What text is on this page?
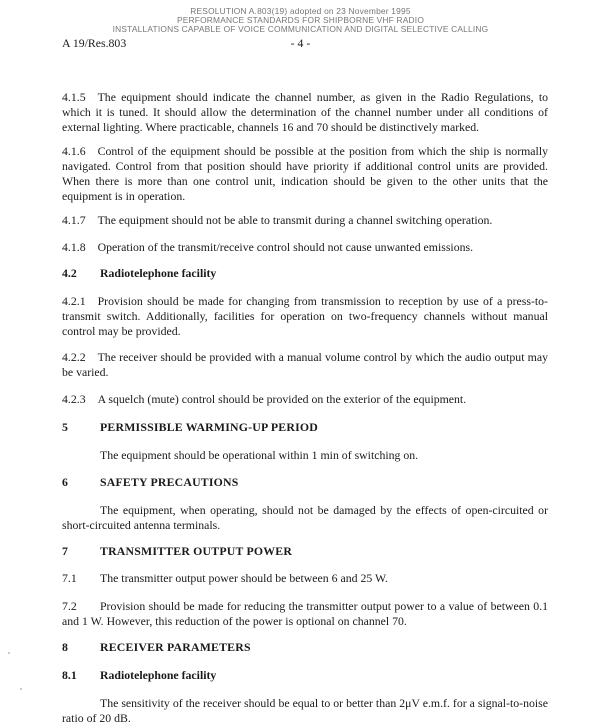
RESOLUTION A.803(19) adopted on 23 November 1995
PERFORMANCE STANDARDS FOR SHIPBORNE VHF RADIO
INSTALLATIONS CAPABLE OF VOICE COMMUNICATION AND DIGITAL SELECTIVE CALLING
A 19/Res.803	- 4 -
4.1.5 The equipment should indicate the channel number, as given in the Radio Regulations, to which it is tuned. It should allow the determination of the channel number under all conditions of external lighting. Where practicable, channels 16 and 70 should be distinctively marked.
4.1.6 Control of the equipment should be possible at the position from which the ship is normally navigated. Control from that position should have priority if additional control units are provided. When there is more than one control unit, indication should be given to the other units that the equipment is in operation.
4.1.7 The equipment should not be able to transmit during a channel switching operation.
4.1.8 Operation of the transmit/receive control should not cause unwanted emissions.
4.2 Radiotelephone facility
4.2.1 Provision should be made for changing from transmission to reception by use of a press-to-transmit switch. Additionally, facilities for operation on two-frequency channels without manual control may be provided.
4.2.2 The receiver should be provided with a manual volume control by which the audio output may be varied.
4.2.3 A squelch (mute) control should be provided on the exterior of the equipment.
5	PERMISSIBLE WARMING-UP PERIOD
The equipment should be operational within 1 min of switching on.
6	SAFETY PRECAUTIONS
The equipment, when operating, should not be damaged by the effects of open-circuited or short-circuited antenna terminals.
7	TRANSMITTER OUTPUT POWER
7.1 The transmitter output power should be between 6 and 25 W.
7.2 Provision should be made for reducing the transmitter output power to a value of between 0.1 and 1 W. However, this reduction of the power is optional on channel 70.
8	RECEIVER PARAMETERS
8.1 Radiotelephone facility
The sensitivity of the receiver should be equal to or better than 2μV e.m.f. for a signal-to-noise ratio of 20 dB.
